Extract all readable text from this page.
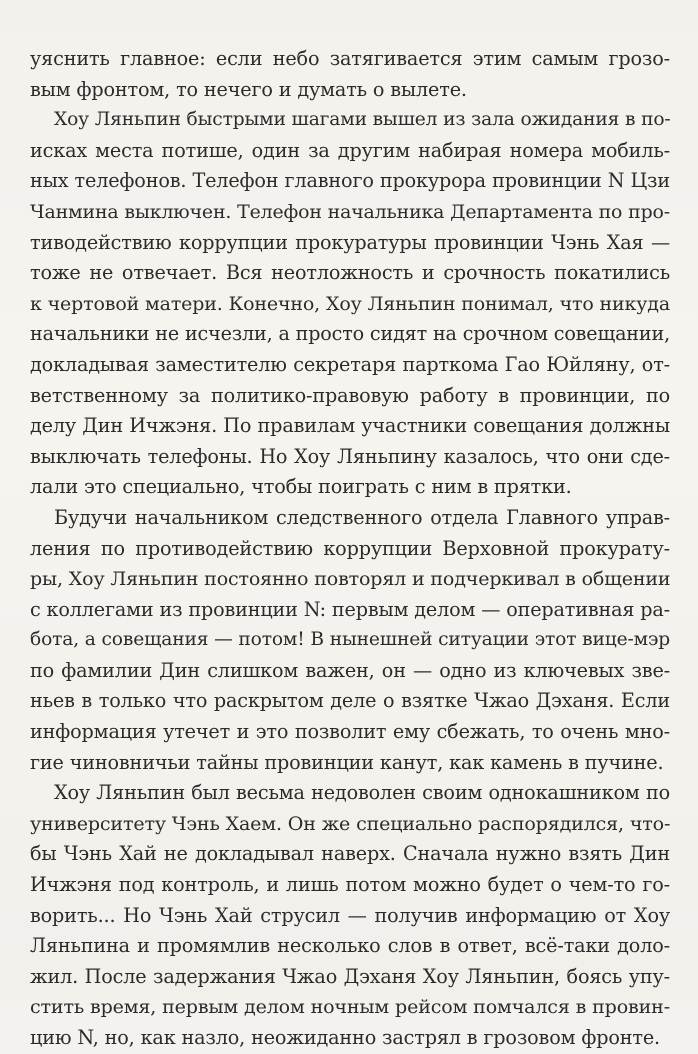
уяснить главное: если небо затягивается этим самым грозо-
вым фронтом, то нечего и думать о вылете.
Хоу Ляньпин быстрыми шагами вышел из зала ожидания в по-
исках места потише, один за другим набирая номера мобиль-
ных телефонов. Телефон главного прокурора провинции N Цзи
Чанмина выключен. Телефон начальника Департамента по про-
тиводействию коррупции прокуратуры провинции Чэнь Хая —
тоже не отвечает. Вся неотложность и срочность покатились
к чертовой матери. Конечно, Хоу Ляньпин понимал, что никуда
начальники не исчезли, а просто сидят на срочном совещании,
докладывая заместителю секретаря парткома Гао Юйляну, от-
ветственному за политико-правовую работу в провинции, по
делу Дин Ичжэня. По правилам участники совещания должны
выключать телефоны. Но Хоу Ляньпину казалось, что они сде-
лали это специально, чтобы поиграть с ним в прятки.
Будучи начальником следственного отдела Главного управ-
ления по противодействию коррупции Верховной прокурату-
ры, Хоу Ляньпин постоянно повторял и подчеркивал в общении
с коллегами из провинции N: первым делом — оперативная ра-
бота, а совещания — потом! В нынешней ситуации этот вице-мэр
по фамилии Дин слишком важен, он — одно из ключевых зве-
ньев в только что раскрытом деле о взятке Чжао Дэханя. Если
информация утечет и это позволит ему сбежать, то очень мно-
гие чиновничьи тайны провинции канут, как камень в пучине.
Хоу Ляньпин был весьма недоволен своим однокашником по
университету Чэнь Хаем. Он же специально распорядился, что-
бы Чэнь Хай не докладывал наверх. Сначала нужно взять Дин
Ичжэня под контроль, и лишь потом можно будет о чем-то го-
ворить... Но Чэнь Хай струсил — получив информацию от Хоу
Ляньпина и промямлив несколько слов в ответ, всё-таки доло-
жил. После задержания Чжао Дэханя Хоу Ляньпин, боясь упу-
стить время, первым делом ночным рейсом помчался в провин-
цию N, но, как назло, неожиданно застрял в грозовом фронте.
